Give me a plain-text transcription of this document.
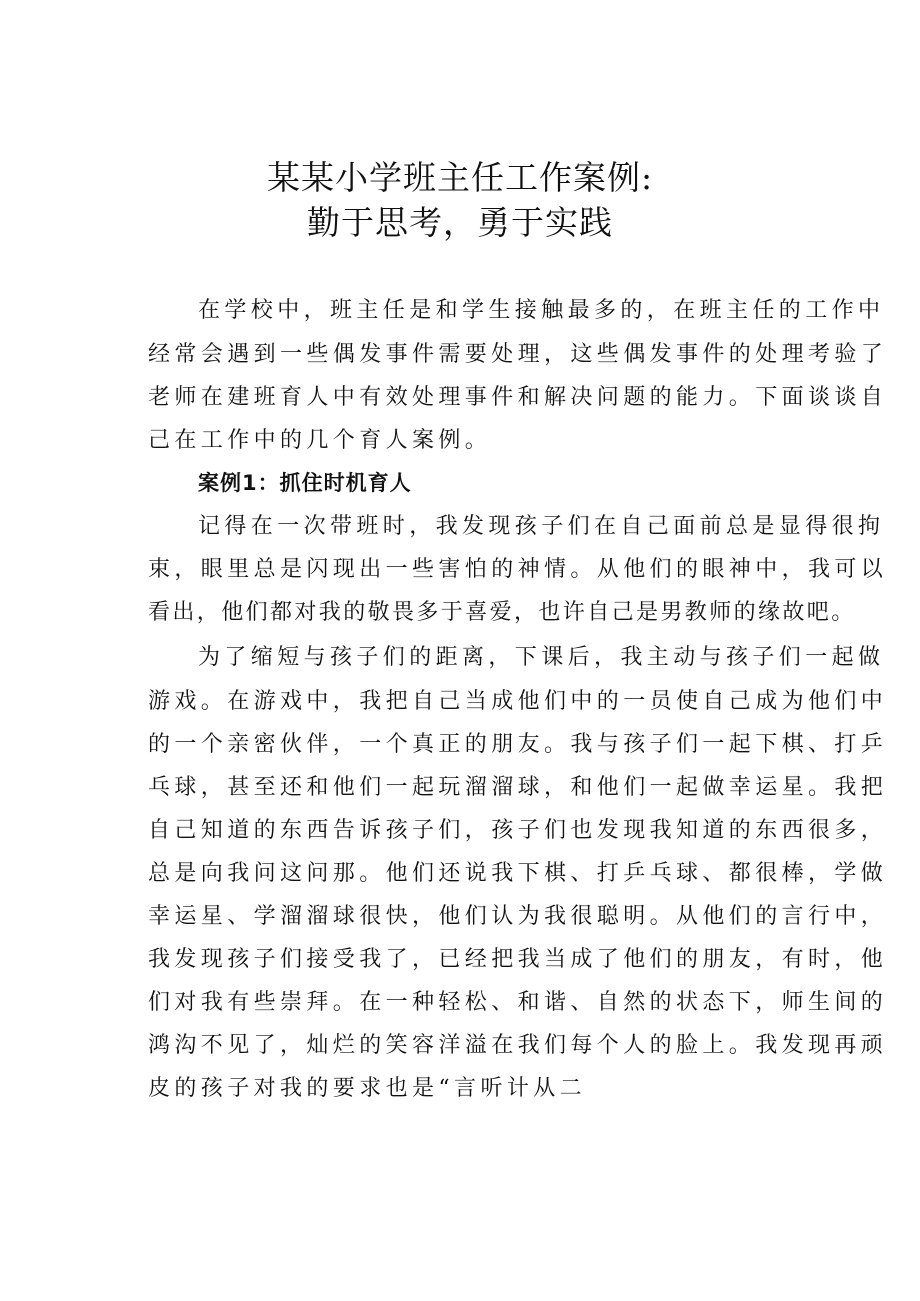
某某小学班主任工作案例:
勤于思考，勇于实践
在学校中，班主任是和学生接触最多的，在班主任的工作中
经常会遇到一些偶发事件需要处理，这些偶发事件的处理考验了
老师在建班育人中有效处理事件和解决问题的能力。下面谈谈自
己在工作中的几个育人案例。
案例1：抓住时机育人
记得在一次带班时，我发现孩子们在自己面前总是显得很拘
束，眼里总是闪现出一些害怕的神情。从他们的眼神中，我可以
看出，他们都对我的敬畏多于喜爱，也许自己是男教师的缘故吧。
为了缩短与孩子们的距离，下课后，我主动与孩子们一起做
游戏。在游戏中，我把自己当成他们中的一员使自己成为他们中
的一个亲密伙伴，一个真正的朋友。我与孩子们一起下棋、打乒
乓球，甚至还和他们一起玩溜溜球，和他们一起做幸运星。我把
自己知道的东西告诉孩子们，孩子们也发现我知道的东西很多，
总是向我问这问那。他们还说我下棋、打乒乓球、都很棒，学做
幸运星、学溜溜球很快，他们认为我很聪明。从他们的言行中，
我发现孩子们接受我了，已经把我当成了他们的朋友，有时，他
们对我有些崇拜。在一种轻松、和谐、自然的状态下，师生间的
鸿沟不见了，灿烂的笑容洋溢在我们每个人的脸上。我发现再顽
皮的孩子对我的要求也是“言听计从二
